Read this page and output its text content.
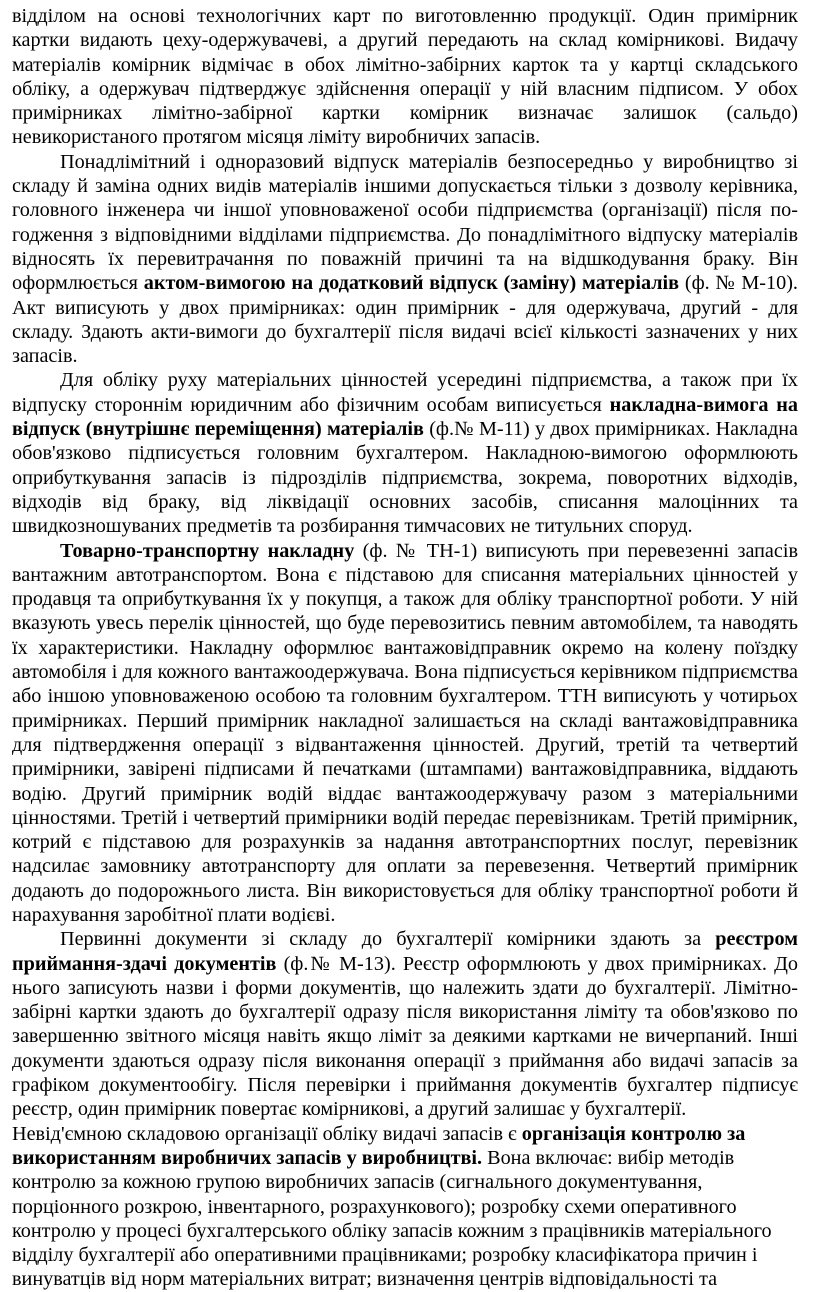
відділом на основі технологічних карт по виготовленню продукції. Один примірник картки видають цеху-одержувачеві, а другий передають на склад комірникові. Видачу матеріалів комірник відмічає в обох лімітно-забірних карток та у картці складського обліку, а одержувач підтверджує здійснення операції у ній власним підписом. У обох примірниках лімітно-забірної картки комірник визначає залишок (сальдо) невикористаного протягом місяця ліміту виробничих запасів.

Понадлімітний і одноразовий відпуск матеріалів безпосередньо у виробництво зі складу й заміна одних видів матеріалів іншими допускається тільки з дозволу керівника, головного інженера чи іншої уповноваженої особи підприємства (організації) після по-годження з відповідними відділами підприємства. До понадлімітного відпуску матеріалів відносять їх перевитрачання по поважній причині та на відшкодування браку. Він оформлюється актом-вимогою на додатковий відпуск (заміну) матеріалів (ф. № М-10). Акт виписують у двох примірниках: один примірник - для одержувача, другий - для складу. Здають акти-вимоги до бухгалтерії після видачі всієї кількості зазначених у них запасів.

Для обліку руху матеріальних цінностей усередині підприємства, а також при їх відпуску стороннім юридичним або фізичним особам виписується накладна-вимога на відпуск (внутрішнє переміщення) матеріалів (ф.№ М-11) у двох примірниках. Накладна обов'язково підписується головним бухгалтером. Накладною-вимогою оформлюють оприбуткування запасів із підрозділів підприємства, зокрема, поворотних відходів, відходів від браку, від ліквідації основних засобів, списання малоцінних та швидкозношуваних предметів та розбирання тимчасових не титульних споруд.

Товарно-транспортну накладну (ф. № ТН-1) виписують при перевезенні запасів вантажним автотранспортом. Вона є підставою для списання матеріальних цінностей у продавця та оприбуткування їх у покупця, а також для обліку транспортної роботи. У ній вказують увесь перелік цінностей, що буде перевозитись певним автомобілем, та наводять їх характеристики. Накладну оформлює вантажовідправник окремо на колену поїздку автомобіля і для кожного вантажоодержувача. Вона підписується керівником підприємства або іншою уповноваженою особою та головним бухгалтером. ТТН виписують у чотирьох примірниках. Перший примірник накладної залишається на складі вантажовідправника для підтвердження операції з відвантаження цінностей. Другий, третій та четвертий примірники, завірені підписами й печатками (штампами) вантажовідправника, віддають водію. Другий примірник водій віддає вантажоодержувачу разом з матеріальними цінностями. Третій і четвертий примірники водій передає перевізникам. Третій примірник, котрий є підставою для розрахунків за надання автотранспортних послуг, перевізник надсилає замовнику автотранспорту для оплати за перевезення. Четвертий примірник додають до подорожнього листа. Він використовується для обліку транспортної роботи й нарахування заробітної плати водієві.

Первинні документи зі складу до бухгалтерії комірники здають за реєстром приймання-здачі документів (ф.№ М-13). Реєстр оформлюють у двох примірниках. До нього записують назви і форми документів, що належить здати до бухгалтерії. Лімітно-забірні картки здають до бухгалтерії одразу після використання ліміту та обов'язково по завершенню звітного місяця навіть якщо ліміт за деякими картками не вичерпаний. Інші документи здаються одразу після виконання операції з приймання або видачі запасів за графіком документообігу. Після перевірки і приймання документів бухгалтер підписує реєстр, один примірник повертає комірникові, а другий залишає у бухгалтерії.

Невід'ємною складовою організації обліку видачі запасів є організація контролю за використанням виробничих запасів у виробництві. Вона включає: вибір методів контролю за кожною групою виробничих запасів (сигнального документування, порціонного розкрою, інвентарного, розрахункового); розробку схеми оперативного контролю у процесі бухгалтерського обліку запасів кожним з працівників матеріального відділу бухгалтерії або оперативними працівниками; розробку класифікатора причин і винуватців від норм матеріальних витрат; визначення центрів відповідальності та
